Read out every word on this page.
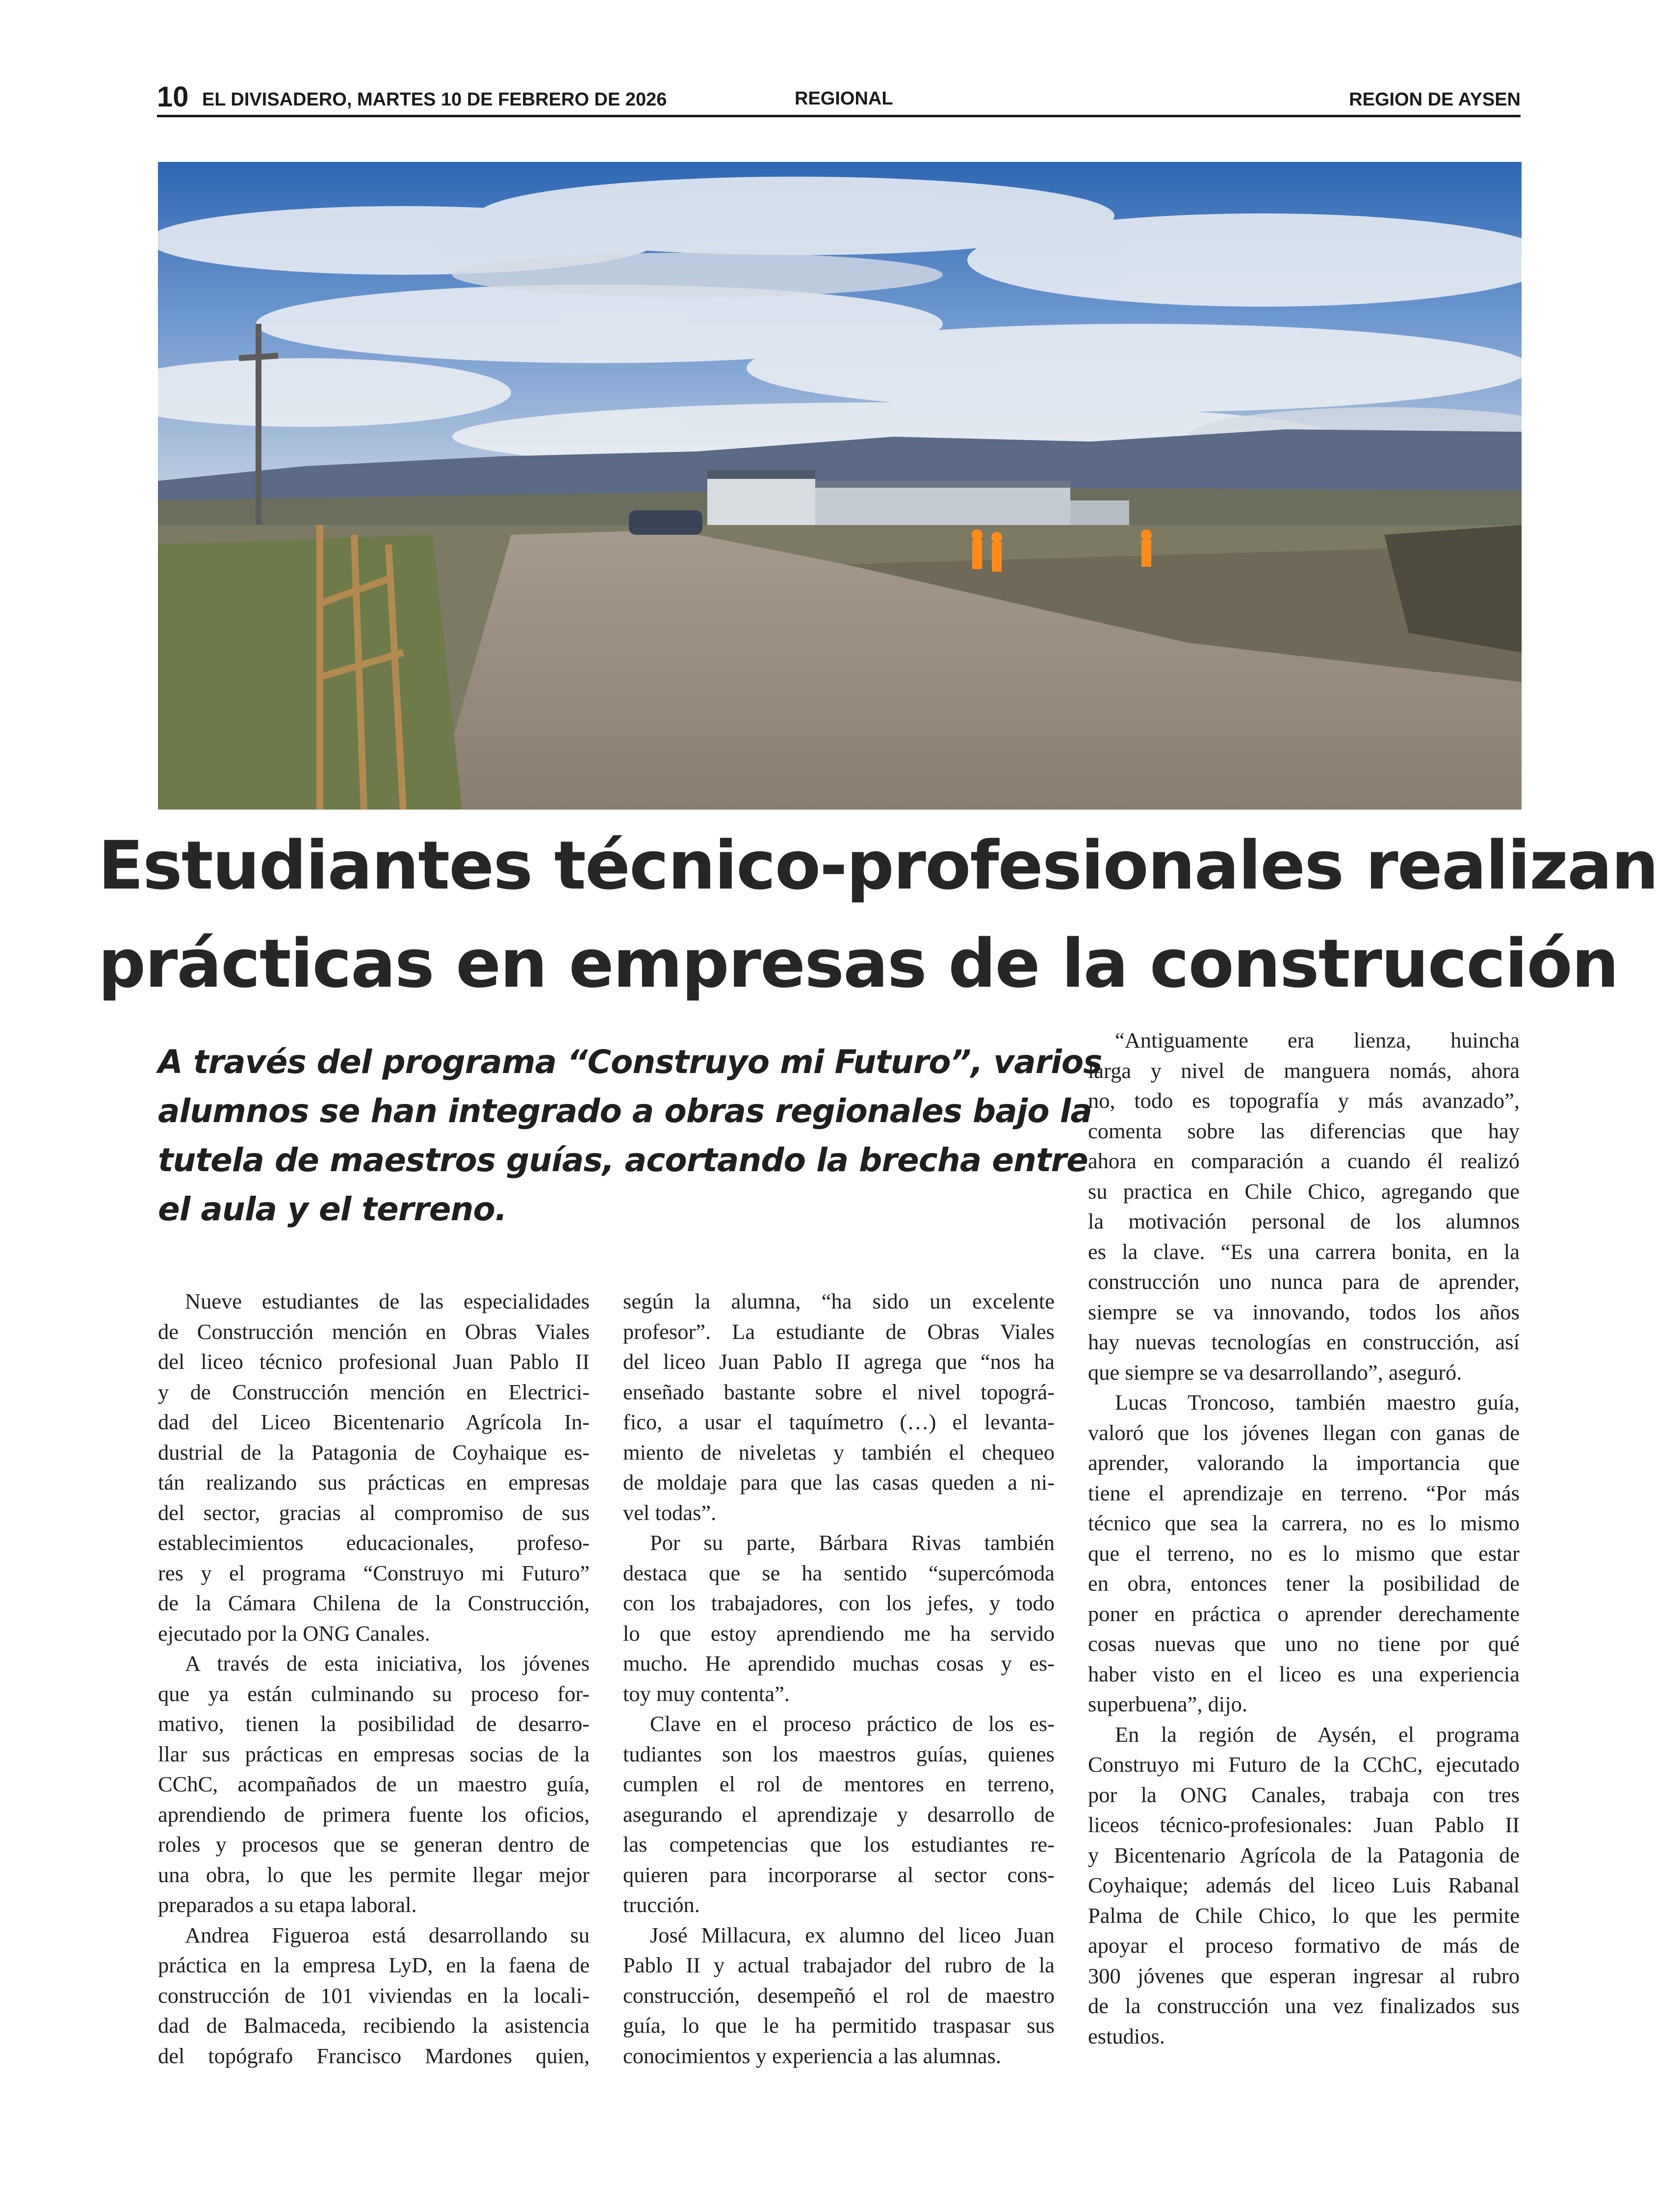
10 EL DIVISADERO, MARTES 10 DE FEBRERO DE 2026	REGIONAL	REGION DE AYSEN
Estudiantes técnico-profesionales realizan
prácticas en empresas de la construcción

A través del programa “Construyo mi Futuro”, varios
alumnos se han integrado a obras regionales bajo la
tutela de maestros guías, acortando la brecha entre
el aula y el terreno.

Nueve estudiantes de las especialidades
de Construcción mención en Obras Viales
del liceo técnico profesional Juan Pablo II
y de Construcción mención en Electrici-
dad del Liceo Bicentenario Agrícola In-
dustrial de la Patagonia de Coyhaique es-
tán realizando sus prácticas en empresas
del sector, gracias al compromiso de sus
establecimientos educacionales, profeso-
res y el programa “Construyo mi Futuro”
de la Cámara Chilena de la Construcción,
ejecutado por la ONG Canales.
A través de esta iniciativa, los jóvenes
que ya están culminando su proceso for-
mativo, tienen la posibilidad de desarro-
llar sus prácticas en empresas socias de la
CChC, acompañados de un maestro guía,
aprendiendo de primera fuente los oficios,
roles y procesos que se generan dentro de
una obra, lo que les permite llegar mejor
preparados a su etapa laboral.
Andrea Figueroa está desarrollando su
práctica en la empresa LyD, en la faena de
construcción de 101 viviendas en la locali-
dad de Balmaceda, recibiendo la asistencia
del topógrafo Francisco Mardones quien,
según la alumna, “ha sido un excelente
profesor”. La estudiante de Obras Viales
del liceo Juan Pablo II agrega que “nos ha
enseñado bastante sobre el nivel topográ-
fico, a usar el taquímetro (…) el levanta-
miento de niveletas y también el chequeo
de moldaje para que las casas queden a ni-
vel todas”.
Por su parte, Bárbara Rivas también
destaca que se ha sentido “supercómoda
con los trabajadores, con los jefes, y todo
lo que estoy aprendiendo me ha servido
mucho. He aprendido muchas cosas y es-
toy muy contenta”.
Clave en el proceso práctico de los es-
tudiantes son los maestros guías, quienes
cumplen el rol de mentores en terreno,
asegurando el aprendizaje y desarrollo de
las competencias que los estudiantes re-
quieren para incorporarse al sector cons-
trucción.
José Millacura, ex alumno del liceo Juan
Pablo II y actual trabajador del rubro de la
construcción, desempeñó el rol de maestro
guía, lo que le ha permitido traspasar sus
conocimientos y experiencia a las alumnas.
“Antiguamente era lienza, huincha
larga y nivel de manguera nomás, ahora
no, todo es topografía y más avanzado”,
comenta sobre las diferencias que hay
ahora en comparación a cuando él realizó
su practica en Chile Chico, agregando que
la motivación personal de los alumnos
es la clave. “Es una carrera bonita, en la
construcción uno nunca para de aprender,
siempre se va innovando, todos los años
hay nuevas tecnologías en construcción, así
que siempre se va desarrollando”, aseguró.
Lucas Troncoso, también maestro guía,
valoró que los jóvenes llegan con ganas de
aprender, valorando la importancia que
tiene el aprendizaje en terreno. “Por más
técnico que sea la carrera, no es lo mismo
que el terreno, no es lo mismo que estar
en obra, entonces tener la posibilidad de
poner en práctica o aprender derechamente
cosas nuevas que uno no tiene por qué
haber visto en el liceo es una experiencia
superbuena”, dijo.
En la región de Aysén, el programa
Construyo mi Futuro de la CChC, ejecutado
por la ONG Canales, trabaja con tres
liceos técnico-profesionales: Juan Pablo II
y Bicentenario Agrícola de la Patagonia de
Coyhaique; además del liceo Luis Rabanal
Palma de Chile Chico, lo que les permite
apoyar el proceso formativo de más de
300 jóvenes que esperan ingresar al rubro
de la construcción una vez finalizados sus
estudios.
